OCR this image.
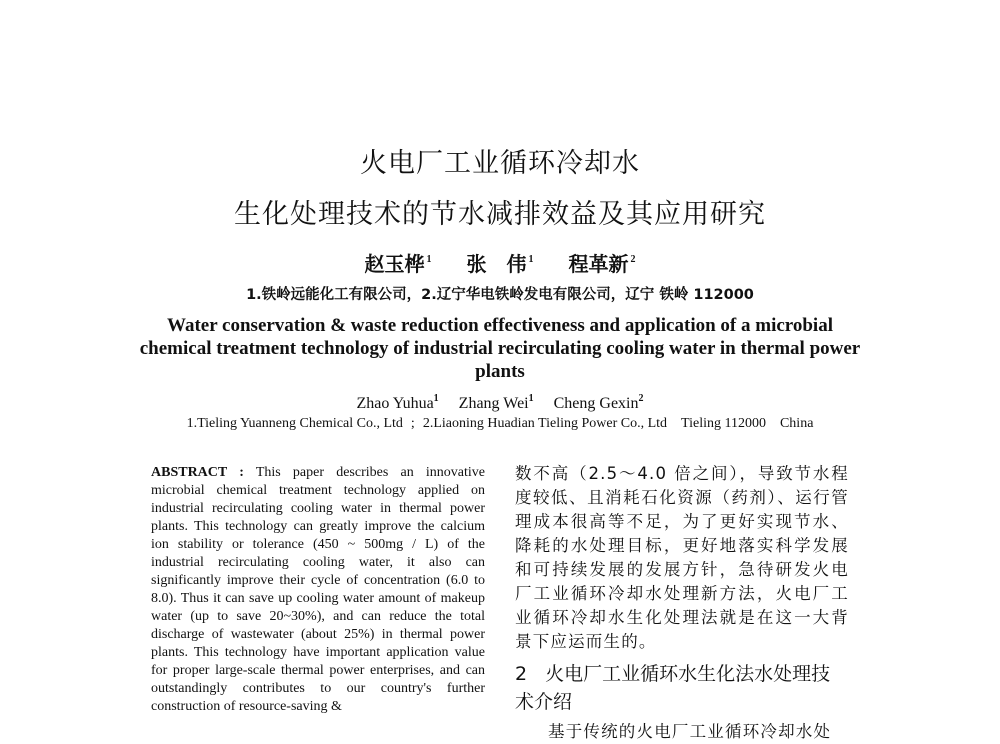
火电厂工业循环冷却水
生化处理技术的节水减排效益及其应用研究
赵玉桦 $^1$ 张　伟 $^1$ 程革新 $^2$
1.铁岭远能化工有限公司，2.辽宁华电铁岭发电有限公司，辽宁 铁岭 112000
Water conservation & waste reduction effectiveness and application of a microbial chemical treatment technology of industrial recirculating cooling water in thermal power plants
Zhao Yuhua$^1$ Zhang Wei$^1$ Cheng Gexin$^2$
1.Tieling Yuanneng Chemical Co., Ltd ; 2.Liaoning Huadian Tieling Power Co., Ltd Tieling 112000 China
ABSTRACT : This paper describes an innovative microbial chemical treatment technology applied on industrial recirculating cooling water in thermal power plants. This technology can greatly improve the calcium ion stability or tolerance (450 ~ 500mg / L) of the industrial recirculating cooling water, it also can significantly improve their cycle of concentration (6.0 to 8.0). Thus it can save up cooling water amount of makeup water (up to save 20~30%), and can reduce the total discharge of wastewater (about 25%) in thermal power plants. This technology have important application value for proper large-scale thermal power enterprises, and can outstandingly contributes to our country's further construction of resource-saving &

数不高（2.5～4.0 倍之间），导致节水程度较低、且消耗石化资源（药剂）、运行管理成本很高等不足，为了更好实现节水、降耗的水处理目标，更好地落实科学发展和可持续发展的发展方针，急待研发火电厂工业循环冷却水处理新方法，火电厂工业循环冷却水生化处理法就是在这一大背景下应运而生的。

2 火电厂工业循环水生化法水处理技术介绍

基于传统的火电厂工业循环冷却水处
